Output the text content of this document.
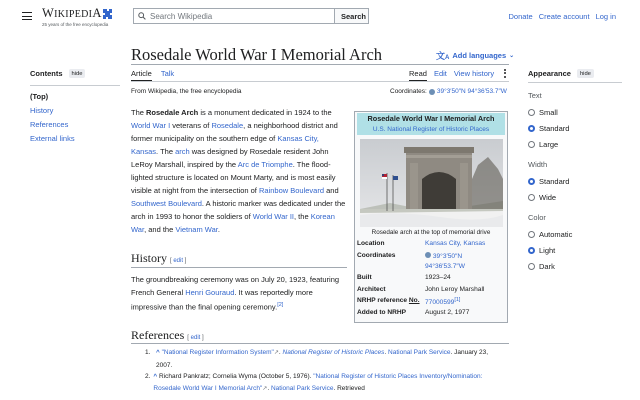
WIKIPEDIA
25 years of the free encyclopedia
Search Wikipedia
Search	Donate Create account Log in
Rosedale World War I Memorial Arch	文A Add languages ⌄
Article Talk	Read Edit View history
From Wikipedia, the free encyclopedia	Coordinates: 39°3′50″N 94°36′53.7″W
Contents	hide
(Top)
History
References
External links
The Rosedale Arch is a monument dedicated in 1924 to the World War I veterans of Rosedale, a neighborhood district and former municipality on the southern edge of Kansas City, Kansas. The arch was designed by Rosedale resident John LeRoy Marshall, inspired by the Arc de Triomphe. The flood-lighted structure is located on Mount Marty, and is most easily visible at night from the intersection of Rainbow Boulevard and Southwest Boulevard. A historic marker was dedicated under the arch in 1993 to honor the soldiers of World War II, the Korean War, and the Vietnam War.
History [ edit ]
The groundbreaking ceremony was on July 20, 1923, featuring French General Henri Gouraud. It was reportedly more impressive than the final opening ceremony.[2]
Rosedale World War I Memorial Arch
U.S. National Register of Historic Places
Rosedale arch at the top of memorial drive
Location	Kansas City, Kansas
Coordinates	39°3′50″N
94°36′53.7″W
Built	1923–24
Architect	John Leroy Marshall
NRHP reference No. 77000599[1]
Added to NRHP	August 2, 1977
References [ edit ]
1. ^ "National Register Information System"↗. National Register of Historic Places. National Park Service. January 23, 2007.
2. ^ Richard Pankratz; Cornelia Wyma (October 5, 1976). "National Register of Historic Places Inventory/Nomination: Rosedale World War I Memorial Arch"↗. National Park Service. Retrieved
Appearance	hide
Text
Small
Standard
Large
Width
Standard
Wide
Color
Automatic
Light
Dark
